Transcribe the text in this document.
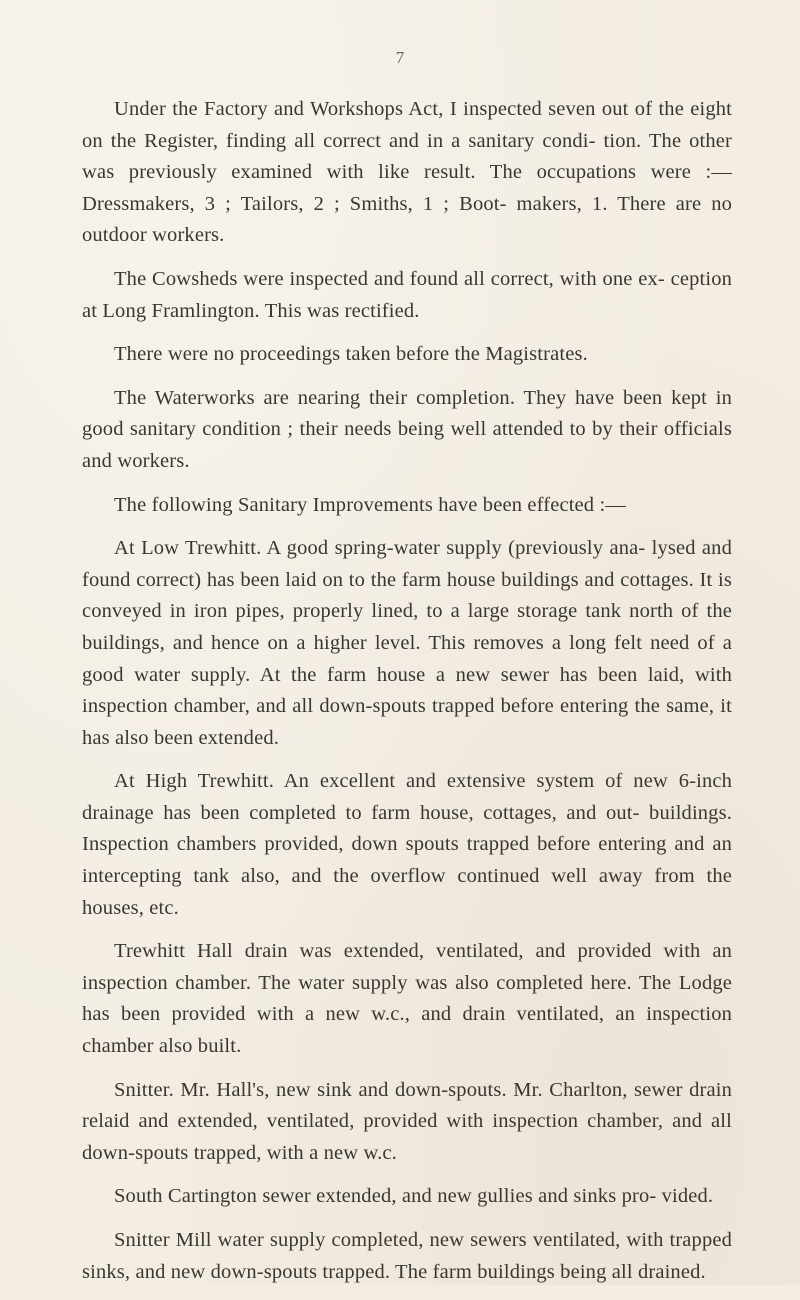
7

Under the Factory and Workshops Act, I inspected seven out of the eight on the Register, finding all correct and in a sanitary condi- tion. The other was previously examined with like result. The occupations were :—Dressmakers, 3 ; Tailors, 2 ; Smiths, 1 ; Boot- makers, 1. There are no outdoor workers.

The Cowsheds were inspected and found all correct, with one ex- ception at Long Framlington. This was rectified.

There were no proceedings taken before the Magistrates.

The Waterworks are nearing their completion. They have been kept in good sanitary condition ; their needs being well attended to by their officials and workers.

The following Sanitary Improvements have been effected :—

At Low Trewhitt. A good spring-water supply (previously ana- lysed and found correct) has been laid on to the farm house buildings and cottages. It is conveyed in iron pipes, properly lined, to a large storage tank north of the buildings, and hence on a higher level. This removes a long felt need of a good water supply. At the farm house a new sewer has been laid, with inspection chamber, and all down-spouts trapped before entering the same, it has also been extended.

At High Trewhitt. An excellent and extensive system of new 6-inch drainage has been completed to farm house, cottages, and out- buildings. Inspection chambers provided, down spouts trapped before entering and an intercepting tank also, and the overflow continued well away from the houses, etc.

Trewhitt Hall drain was extended, ventilated, and provided with an inspection chamber. The water supply was also completed here. The Lodge has been provided with a new w.c., and drain ventilated, an inspection chamber also built.

Snitter. Mr. Hall's, new sink and down-spouts. Mr. Charlton, sewer drain relaid and extended, ventilated, provided with inspection chamber, and all down-spouts trapped, with a new w.c.

South Cartington sewer extended, and new gullies and sinks pro- vided.

Snitter Mill water supply completed, new sewers ventilated, with trapped sinks, and new down-spouts trapped. The farm buildings being all drained.
